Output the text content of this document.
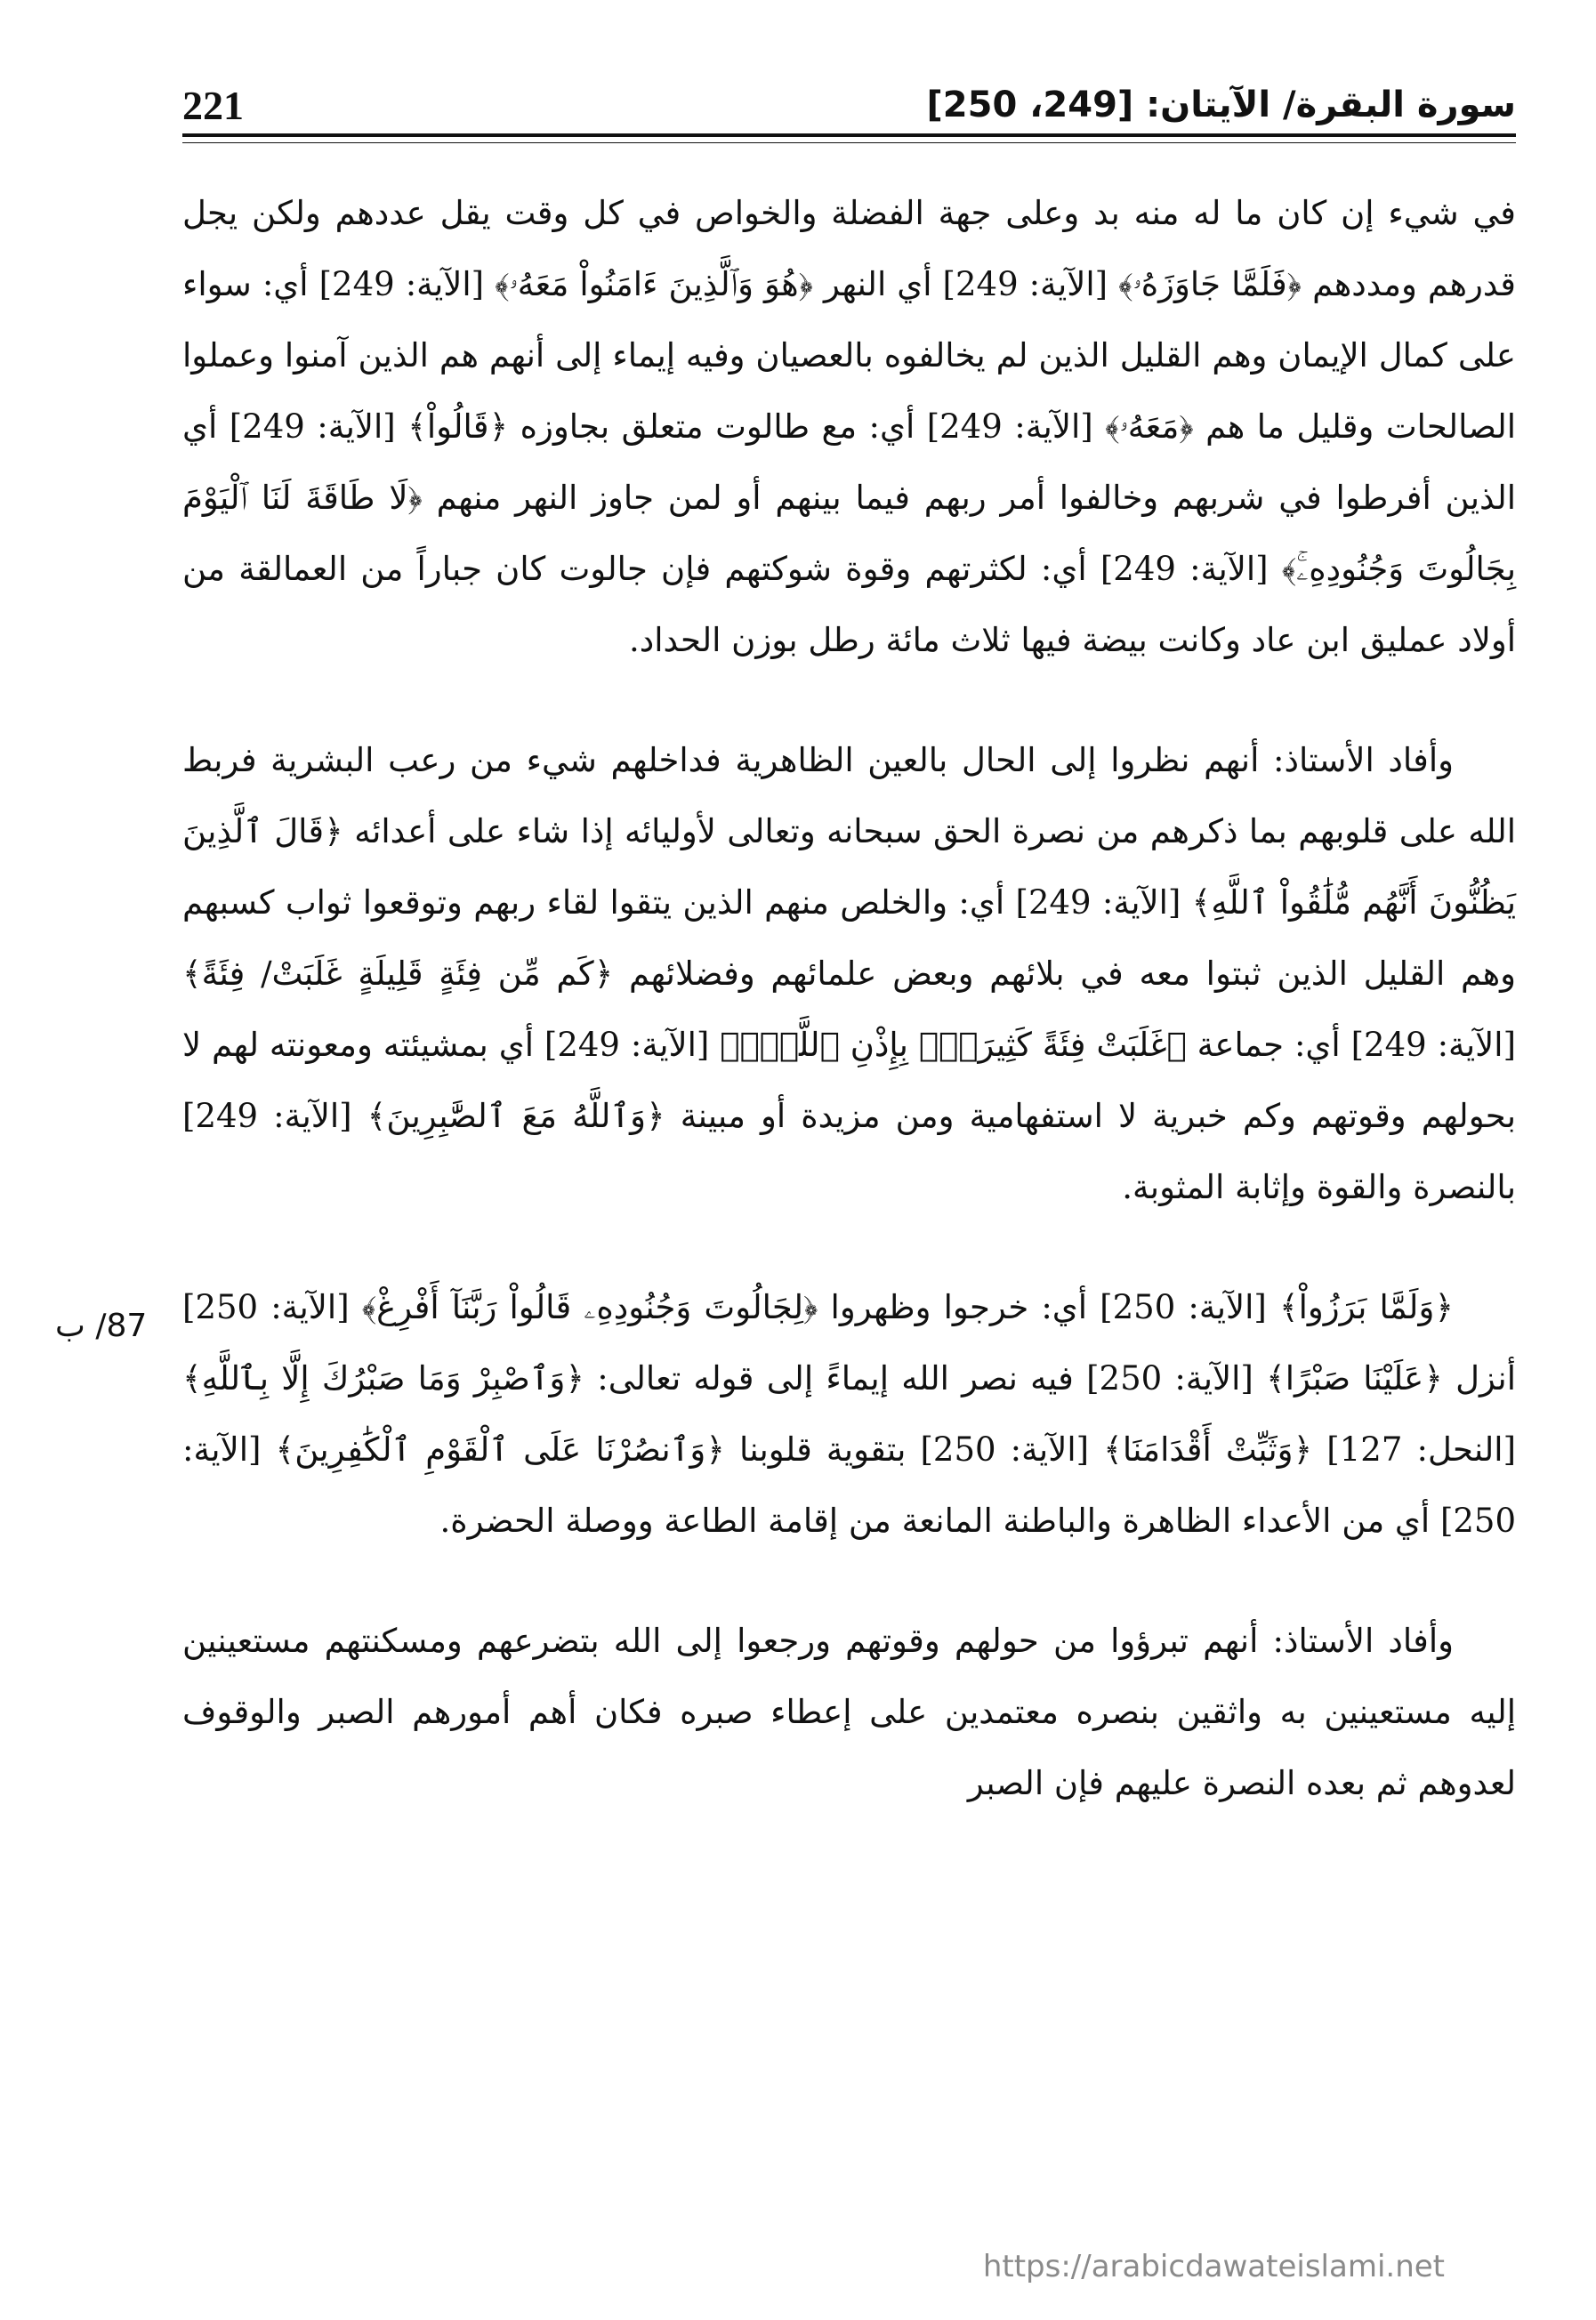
221	سورة البقرة/ الآيتان: [249، 250]

في شيء إن كان ما له منه بد وعلى جهة الفضلة والخواص في كل وقت يقل عددهم ولكن يجل قدرهم ومددهم ﴿فَلَمَّا جَاوَزَهُۥ﴾ [الآية: 249] أي النهر ﴿هُوَ وَٱلَّذِينَ ءَامَنُواْ مَعَهُۥ﴾ [الآية: 249] أي: سواء على كمال الإيمان وهم القليل الذين لم يخالفوه بالعصيان وفيه إيماء إلى أنهم هم الذين آمنوا وعملوا الصالحات وقليل ما هم ﴿مَعَهُۥ﴾ [الآية: 249] أي: مع طالوت متعلق بجاوزه ﴿قَالُواْ﴾ [الآية: 249] أي الذين أفرطوا في شربهم وخالفوا أمر ربهم فيما بينهم أو لمن جاوز النهر منهم ﴿لَا طَاقَةَ لَنَا ٱلْيَوْمَ بِجَالُوتَ وَجُنُودِهِۦۚ﴾ [الآية: 249] أي: لكثرتهم وقوة شوكتهم فإن جالوت كان جباراً من العمالقة من أولاد عمليق ابن عاد وكانت بيضة فيها ثلاث مائة رطل بوزن الحداد.

وأفاد الأستاذ: أنهم نظروا إلى الحال بالعين الظاهرية فداخلهم شيء من رعب البشرية فربط الله على قلوبهم بما ذكرهم من نصرة الحق سبحانه وتعالى لأوليائه إذا شاء على أعدائه ﴿قَالَ ٱلَّذِينَ يَظُنُّونَ أَنَّهُم مُّلَٰقُواْ ٱللَّهِ﴾ [الآية: 249] أي: والخلص منهم الذين يتقوا لقاء ربهم وتوقعوا ثواب كسبهم وهم القليل الذين ثبتوا معه في بلائهم وبعض علمائهم وفضلائهم ﴿كَم مِّن فِئَةٍ قَلِيلَةٍ غَلَبَتْ/ فِئَةً﴾ [الآية: 249] أي: جماعة ﴿غَلَبَتْ فِئَةً كَثِيرَةًۢ بِإِذْنِ ٱللَّهِۗ﴾ [الآية: 249] أي بمشيئته ومعونته لهم لا بحولهم وقوتهم وكم خبرية لا استفهامية ومن مزيدة أو مبينة ﴿وَٱللَّهُ مَعَ ٱلصَّٰبِرِينَ﴾ [الآية: 249] بالنصرة والقوة وإثابة المثوبة.

﴿وَلَمَّا بَرَزُواْ﴾ [الآية: 250] أي: خرجوا وظهروا ﴿لِجَالُوتَ وَجُنُودِهِۦ قَالُواْ رَبَّنَآ أَفْرِغْ﴾ [الآية: 250] أنزل ﴿عَلَيْنَا صَبْرًا﴾ [الآية: 250] فيه نصر الله إيماءً إلى قوله تعالى: ﴿وَٱصْبِرْ وَمَا صَبْرُكَ إِلَّا بِٱللَّهِ﴾ [النحل: 127] ﴿وَثَبِّتْ أَقْدَامَنَا﴾ [الآية: 250] بتقوية قلوبنا ﴿وَٱنصُرْنَا عَلَى ٱلْقَوْمِ ٱلْكَٰفِرِينَ﴾ [الآية: 250] أي من الأعداء الظاهرة والباطنة المانعة من إقامة الطاعة ووصلة الحضرة.

وأفاد الأستاذ: أنهم تبرؤوا من حولهم وقوتهم ورجعوا إلى الله بتضرعهم ومسكنتهم مستعينين إليه مستعينين به واثقين بنصره معتمدين على إعطاء صبره فكان أهم أمورهم الصبر والوقوف لعدوهم ثم بعده النصرة عليهم فإن الصبر

87/ ب
https://arabicdawateislami.net
